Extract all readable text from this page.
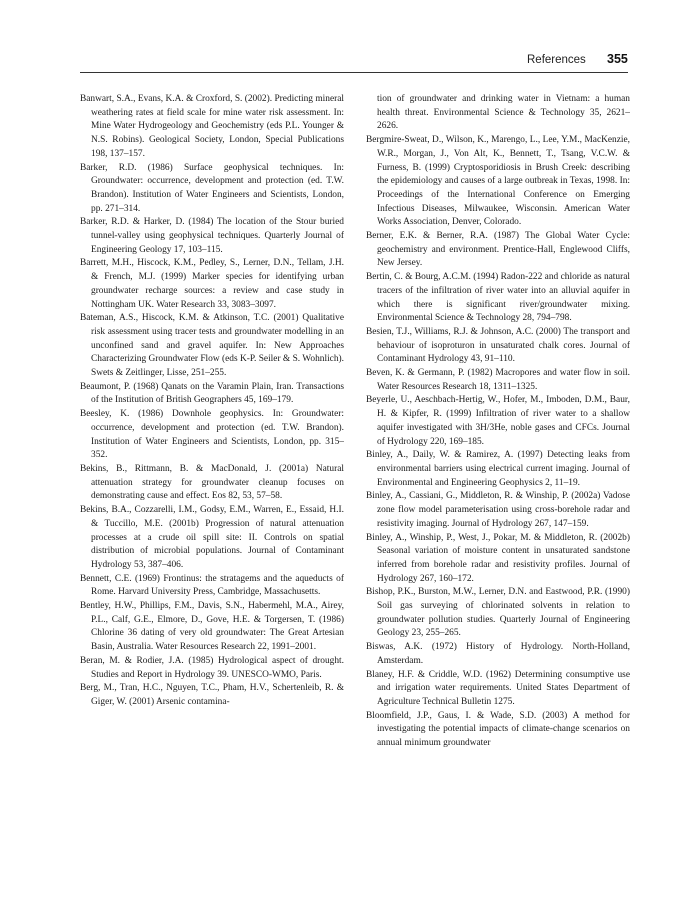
References 355

Banwart, S.A., Evans, K.A. & Croxford, S. (2002). Predicting mineral weathering rates at field scale for mine water risk assessment. In: Mine Water Hydrogeology and Geochemistry (eds P.L. Younger & N.S. Robins). Geological Society, London, Special Publications 198, 137–157.

Barker, R.D. (1986) Surface geophysical techniques. In: Groundwater: occurrence, development and protection (ed. T.W. Brandon). Institution of Water Engineers and Scientists, London, pp. 271–314.

Barker, R.D. & Harker, D. (1984) The location of the Stour buried tunnel-valley using geophysical techniques. Quarterly Journal of Engineering Geology 17, 103–115.

Barrett, M.H., Hiscock, K.M., Pedley, S., Lerner, D.N., Tellam, J.H. & French, M.J. (1999) Marker species for identifying urban groundwater recharge sources: a review and case study in Nottingham UK. Water Research 33, 3083–3097.

Bateman, A.S., Hiscock, K.M. & Atkinson, T.C. (2001) Qualitative risk assessment using tracer tests and groundwater modelling in an unconfined sand and gravel aquifer. In: New Approaches Characterizing Groundwater Flow (eds K-P. Seiler & S. Wohnlich). Swets & Zeitlinger, Lisse, 251–255.

Beaumont, P. (1968) Qanats on the Varamin Plain, Iran. Transactions of the Institution of British Geographers 45, 169–179.

Beesley, K. (1986) Downhole geophysics. In: Groundwater: occurrence, development and protection (ed. T.W. Brandon). Institution of Water Engineers and Scientists, London, pp. 315–352.

Bekins, B., Rittmann, B. & MacDonald, J. (2001a) Natural attenuation strategy for groundwater cleanup focuses on demonstrating cause and effect. Eos 82, 53, 57–58.

Bekins, B.A., Cozzarelli, I.M., Godsy, E.M., Warren, E., Essaid, H.I. & Tuccillo, M.E. (2001b) Progression of natural attenuation processes at a crude oil spill site: II. Controls on spatial distribution of microbial populations. Journal of Contaminant Hydrology 53, 387–406.

Bennett, C.E. (1969) Frontinus: the stratagems and the aqueducts of Rome. Harvard University Press, Cambridge, Massachusetts.

Bentley, H.W., Phillips, F.M., Davis, S.N., Habermehl, M.A., Airey, P.L., Calf, G.E., Elmore, D., Gove, H.E. & Torgersen, T. (1986) Chlorine 36 dating of very old groundwater: The Great Artesian Basin, Australia. Water Resources Research 22, 1991–2001.

Beran, M. & Rodier, J.A. (1985) Hydrological aspect of drought. Studies and Report in Hydrology 39. UNESCO-WMO, Paris.

Berg, M., Tran, H.C., Nguyen, T.C., Pham, H.V., Schertenleib, R. & Giger, W. (2001) Arsenic contamina-

tion of groundwater and drinking water in Vietnam: a human health threat. Environmental Science & Technology 35, 2621–2626.

Bergmire-Sweat, D., Wilson, K., Marengo, L., Lee, Y.M., MacKenzie, W.R., Morgan, J., Von Alt, K., Bennett, T., Tsang, V.C.W. & Furness, B. (1999) Cryptosporidiosis in Brush Creek: describing the epidemiology and causes of a large outbreak in Texas, 1998. In: Proceedings of the International Conference on Emerging Infectious Diseases, Milwaukee, Wisconsin. American Water Works Association, Denver, Colorado.

Berner, E.K. & Berner, R.A. (1987) The Global Water Cycle: geochemistry and environment. Prentice-Hall, Englewood Cliffs, New Jersey.

Bertin, C. & Bourg, A.C.M. (1994) Radon-222 and chloride as natural tracers of the infiltration of river water into an alluvial aquifer in which there is significant river/groundwater mixing. Environmental Science & Technology 28, 794–798.

Besien, T.J., Williams, R.J. & Johnson, A.C. (2000) The transport and behaviour of isoproturon in unsaturated chalk cores. Journal of Contaminant Hydrology 43, 91–110.

Beven, K. & Germann, P. (1982) Macropores and water flow in soil. Water Resources Research 18, 1311–1325.

Beyerle, U., Aeschbach-Hertig, W., Hofer, M., Imboden, D.M., Baur, H. & Kipfer, R. (1999) Infiltration of river water to a shallow aquifer investigated with 3H/3He, noble gases and CFCs. Journal of Hydrology 220, 169–185.

Binley, A., Daily, W. & Ramirez, A. (1997) Detecting leaks from environmental barriers using electrical current imaging. Journal of Environmental and Engineering Geophysics 2, 11–19.

Binley, A., Cassiani, G., Middleton, R. & Winship, P. (2002a) Vadose zone flow model parameterisation using cross-borehole radar and resistivity imaging. Journal of Hydrology 267, 147–159.

Binley, A., Winship, P., West, J., Pokar, M. & Middleton, R. (2002b) Seasonal variation of moisture content in unsaturated sandstone inferred from borehole radar and resistivity profiles. Journal of Hydrology 267, 160–172.

Bishop, P.K., Burston, M.W., Lerner, D.N. and Eastwood, P.R. (1990) Soil gas surveying of chlorinated solvents in relation to groundwater pollution studies. Quarterly Journal of Engineering Geology 23, 255–265.

Biswas, A.K. (1972) History of Hydrology. North-Holland, Amsterdam.

Blaney, H.F. & Criddle, W.D. (1962) Determining consumptive use and irrigation water requirements. United States Department of Agriculture Technical Bulletin 1275.

Bloomfield, J.P., Gaus, I. & Wade, S.D. (2003) A method for investigating the potential impacts of climate-change scenarios on annual minimum groundwater
